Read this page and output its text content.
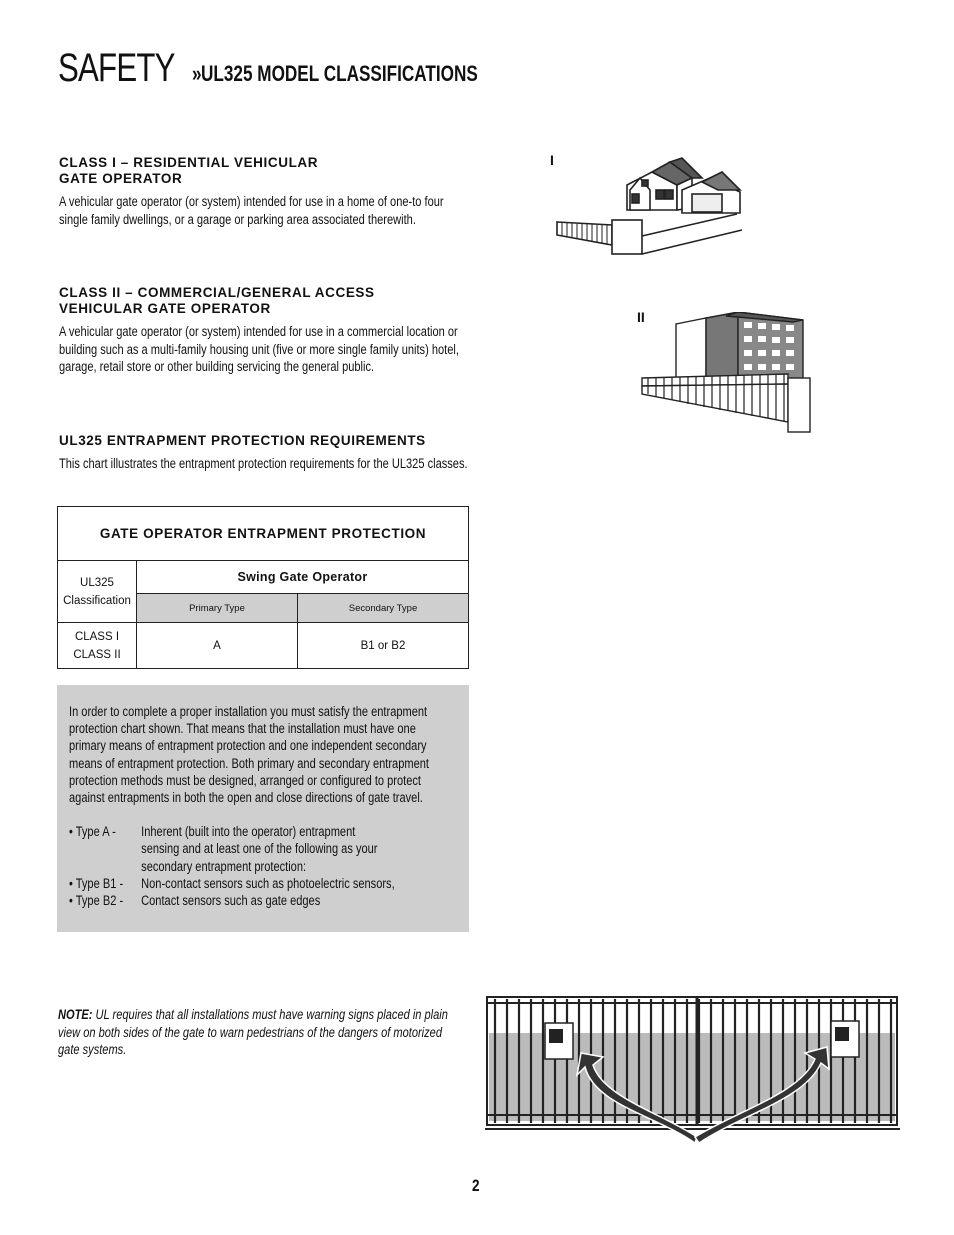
SAFETY »UL325 MODEL CLASSIFICATIONS
CLASS I – RESIDENTIAL VEHICULAR
GATE OPERATOR
A vehicular gate operator (or system) intended for use in a home of one-to four single family dwellings, or a garage or parking area associated therewith.
CLASS II – COMMERCIAL/GENERAL ACCESS
VEHICULAR GATE OPERATOR
A vehicular gate operator (or system) intended for use in a commercial location or building such as a multi-family housing unit (five or more single family units) hotel, garage, retail store or other building servicing the general public.
UL325 ENTRAPMENT PROTECTION REQUIREMENTS
This chart illustrates the entrapment protection requirements for the UL325 classes.
GATE OPERATOR ENTRAPMENT PROTECTION		

UL325
Classification	Swing Gate Operator	
	Primary Type	Secondary Type
CLASS I CLASS II	A	B1 or B2
In order to complete a proper installation you must satisfy the entrapment protection chart shown. That means that the installation must have one primary means of entrapment protection and one independent secondary means of entrapment protection. Both primary and secondary entrapment protection methods must be designed, arranged or configured to protect against entrapments in both the open and close directions of gate travel.
• Type A -	Inherent (built into the operator) entrapment sensing and at least one of the following as your secondary entrapment protection:
• Type B1 -	Non-contact sensors such as photoelectric sensors,
• Type B2 -	Contact sensors such as gate edges
NOTE: UL requires that all installations must have warning signs placed in plain view on both sides of the gate to warn pedestrians of the dangers of motorized gate systems.
I
II
2
